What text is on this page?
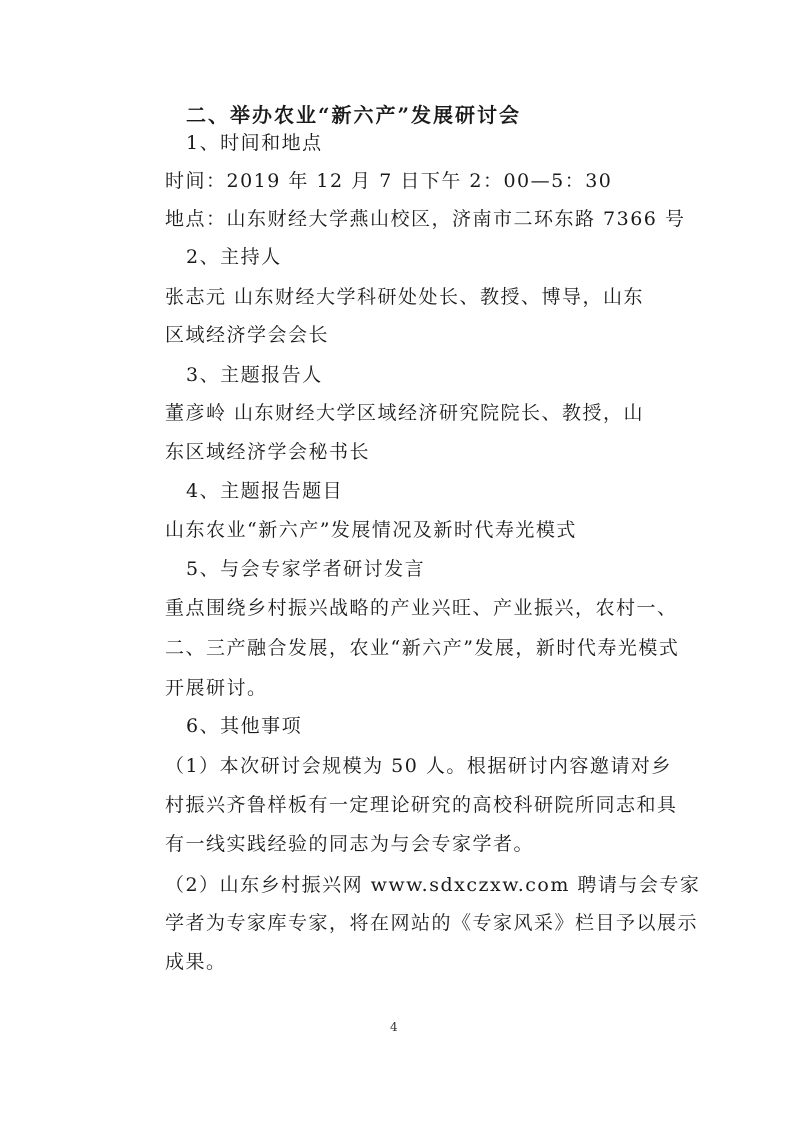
二、举办农业“新六产”发展研讨会
1、时间和地点
时间：2019 年 12 月 7 日下午 2：00—5：30
地点：山东财经大学燕山校区，济南市二环东路 7366 号
2、主持人
张志元 山东财经大学科研处处长、教授、博导，山东
区域经济学会会长
3、主题报告人
董彦岭 山东财经大学区域经济研究院院长、教授，山
东区域经济学会秘书长
4、主题报告题目
山东农业“新六产”发展情况及新时代寿光模式
5、与会专家学者研讨发言
重点围绕乡村振兴战略的产业兴旺、产业振兴，农村一、
二、三产融合发展，农业“新六产”发展，新时代寿光模式
开展研讨。
6、其他事项
（1）本次研讨会规模为 50 人。根据研讨内容邀请对乡
村振兴齐鲁样板有一定理论研究的高校科研院所同志和具
有一线实践经验的同志为与会专家学者。
（2）山东乡村振兴网 www.sdxczxw.com 聘请与会专家
学者为专家库专家，将在网站的《专家风采》栏目予以展示
成果。
4
